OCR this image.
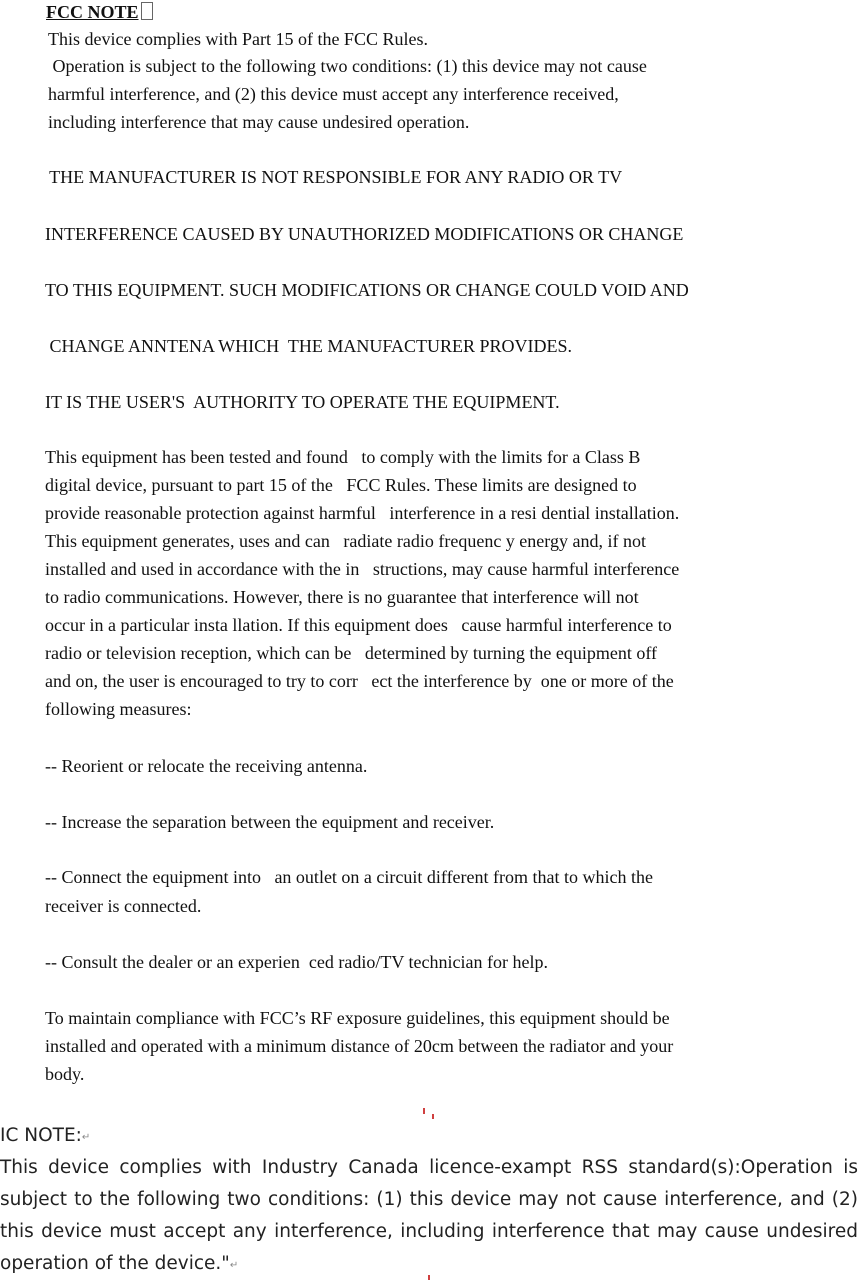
FCC NOTE
This device complies with Part 15 of the FCC Rules.
Operation is subject to the following two conditions: (1) this device may not cause
harmful interference, and (2) this device must accept any interference received,
including interference that may cause undesired operation.
THE MANUFACTURER IS NOT RESPONSIBLE FOR ANY RADIO OR TV
INTERFERENCE CAUSED BY UNAUTHORIZED MODIFICATIONS OR CHANGE
TO THIS EQUIPMENT. SUCH MODIFICATIONS OR CHANGE COULD VOID AND
CHANGE ANNTENA WHICH  THE MANUFACTURER PROVIDES.
IT IS THE USER'S  AUTHORITY TO OPERATE THE EQUIPMENT.
This equipment has been tested and found   to comply with the limits for a Class B
digital device, pursuant to part 15 of the   FCC Rules. These limits are designed to
provide reasonable protection against harmful   interference in a resi dential installation.
This equipment generates, uses and can   radiate radio frequenc y energy and, if not
installed and used in accordance with the in   structions, may cause harmful interference
to radio communications. However, there is no guarantee that interference will not
occur in a particular insta llation. If this equipment does   cause harmful interference to
radio or television reception, which can be   determined by turning the equipment off
and on, the user is encouraged to try to corr   ect the interference by  one or more of the
following measures:
-- Reorient or relocate the receiving antenna.
-- Increase the separation between the equipment and receiver.
-- Connect the equipment into   an outlet on a circuit different from that to which the
receiver is connected.
-- Consult the dealer or an experien  ced radio/TV technician for help.
To maintain compliance with FCC’s RF exposure guidelines, this equipment should be
installed and operated with a minimum distance of 20cm between the radiator and your
body.
IC NOTE:↵
This device complies with Industry Canada licence-exampt RSS standard(s):Operation is
subject to the following two conditions: (1) this device may not cause interference, and (2)
this device must accept any interference, including interference that may cause undesired
operation of the device."↵
